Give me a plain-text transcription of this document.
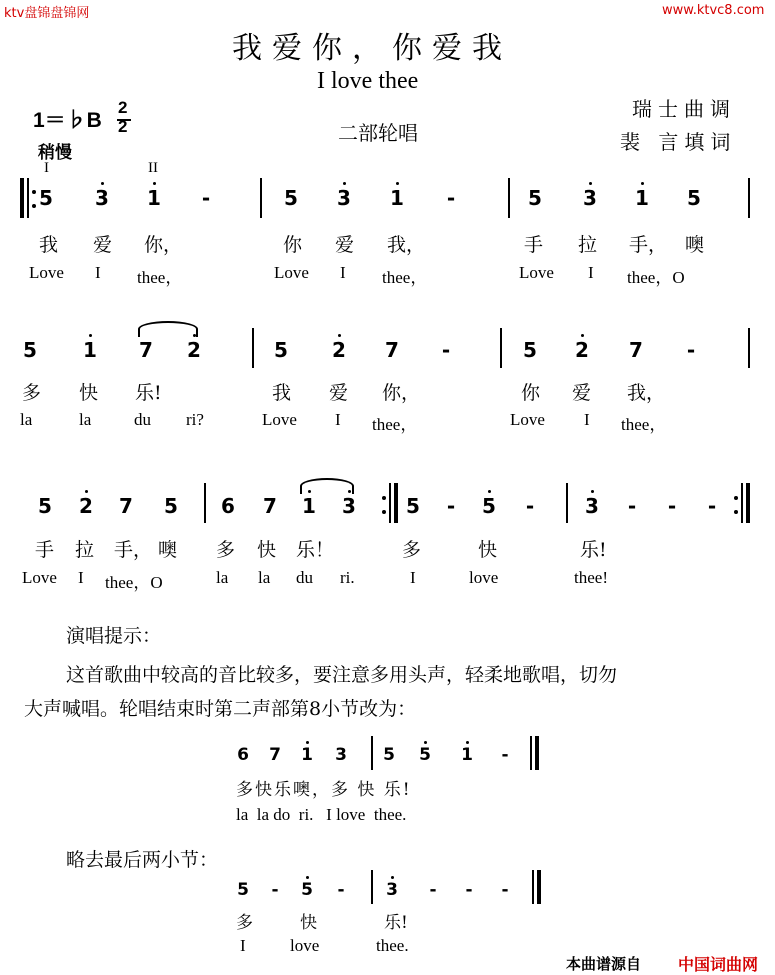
ktv盘锦盘锦网	www.ktvc8.com
我爱你，你爱我
I love thee
二部轮唱
瑞士曲调
裴 言填词
1＝♭B
2
2
稍慢
I	II
5 3 1 -	5 3 1 -	5 3 1 5
我 爱 你，	你 爱 我，	手 拉 手， 噢
Love I thee，	Love I thee，	Love I thee，O
5 1 7 2	5 2 7 -	5 2 7 -
多 快 乐!	我 爱 你，	你 爱 我，
la	la	du ri?	Love I thee，	Love I thee，
5 2 7 5 6 7 1 3	5 - 5 -	3 - - -
手 拉 手， 噢 多 快 乐！	多	快	乐!
Love I thee，O	la la du ri.	I	love	thee!
演唱提示：
这首歌曲中较高的音比较多，要注意多用头声，轻柔地歌唱，切勿
大声喊唱。轮唱结束时第二声部第8小节改为：
6 7 1 3 5 5 1 -
多快乐噢，多 快 乐!
la  la do  ri.   I love  thee.
略去最后两小节：
5 - 5 - 3 - - -
多	快	乐!
I	love	thee.
本曲谱源自 中国词曲网
